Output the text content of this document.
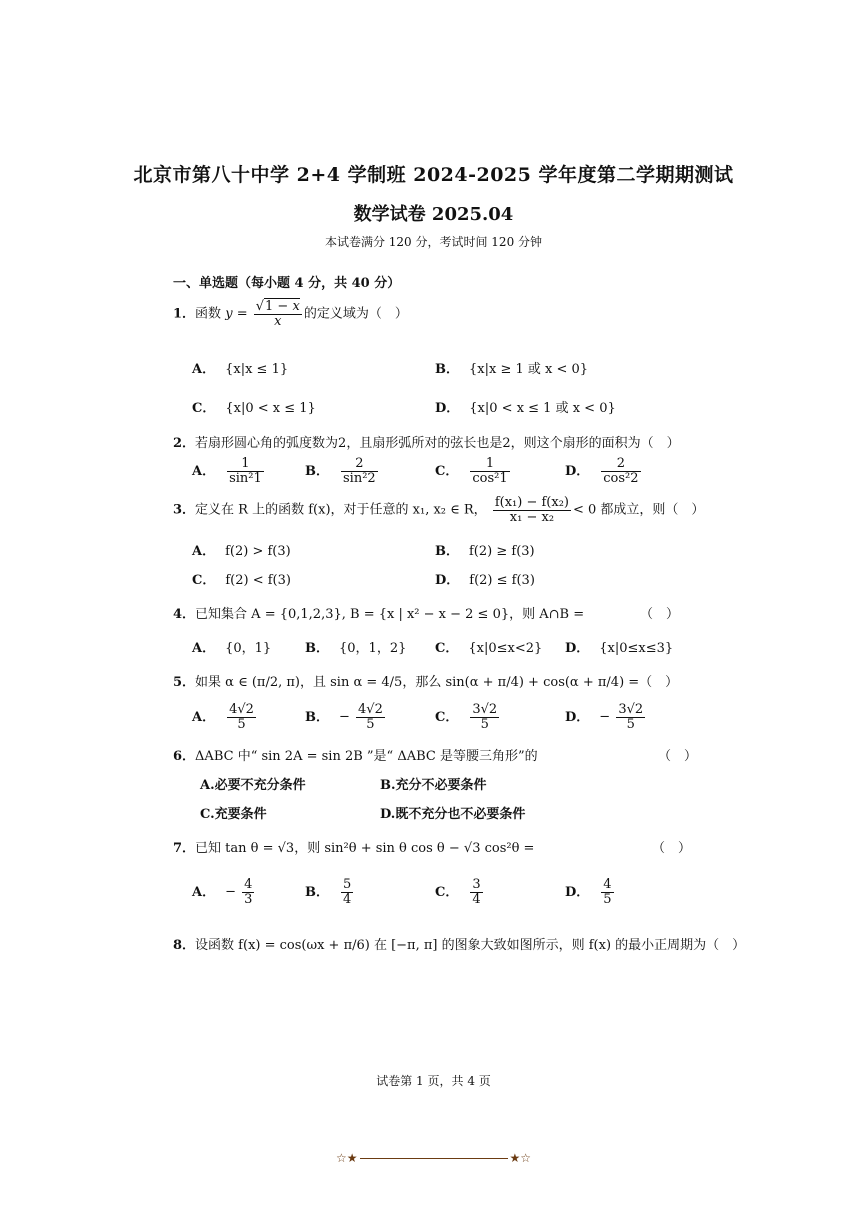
北京市第八十中学 2+4 学制班 2024-2025 学年度第二学期期测试
数学试卷 2025.04
本试卷满分 120 分，考试时间 120 分钟
一、单选题（每小题 4 分，共 40 分）
1．函数 $y = \frac{√1 - x}{x}$ 的定义域为（　）
A． {x|x ≤ 1}	B． {x|x ≥ 1 或 x < 0}
C． {x|0 < x ≤ 1}	D． {x|0 < x ≤ 1 或 x < 0}
2．若扇形圆心角的弧度数为2，且扇形弧所对的弦长也是2，则这个扇形的面积为（　）
A． $\frac{1}{\text{sin²1}}$	B． $\frac{2}{\text{sin²2}}$	C． $\frac{1}{\text{cos²1}}$	D． $\frac{2}{\text{cos²2}}$
3．定义在 R 上的函数 f(x)，对于任意的 x₁, x₂ ∈ R， $\frac{\text{f(x₁) − f(x₂)}}{\text{x₁ − x₂}} < 0$ 都成立，则（　）
A． f(2) > f(3)	B． f(2) ≥ f(3)
C． f(2) < f(3)	D． f(2) ≤ f(3)
4．已知集合 A = {0,1,2,3}, B = {x | x² − x − 2 ≤ 0}，则 A∩B =	（　）
A． {0，1}	B． {0，1，2} C． {x|0≤x<2} D． {x|0≤x≤3}
5．如果 α ∈ (π/2, π)，且 sin α = 4/5，那么 sin(α + π/4) + cos(α + π/4) =（　）
A． $\frac{4√2}{5}$	B． − $\frac{4√2}{5}$	C． $\frac{3√2}{5}$	D． − $\frac{3√2}{5}$
6．ΔABC 中“ sin 2A = sin 2B ”是“ ΔABC 是等腰三角形”的	（　）
A.必要不充分条件	B.充分不必要条件
C.充要条件	D.既不充分也不必要条件
7．已知 tan θ = √3，则 sin²θ + sin θ cos θ − √3 cos²θ =	（　）
A． − $\frac{4}{3}$	B． $\frac{5}{4}$	C． $\frac{3}{4}$	D． $\frac{4}{5}$
8．设函数 f(x) = cos(ωx + π/6) 在 [−π, π] 的图象大致如图所示，则 f(x) 的最小正周期为（　）
试卷第 1 页，共 4 页
☆★	★☆
